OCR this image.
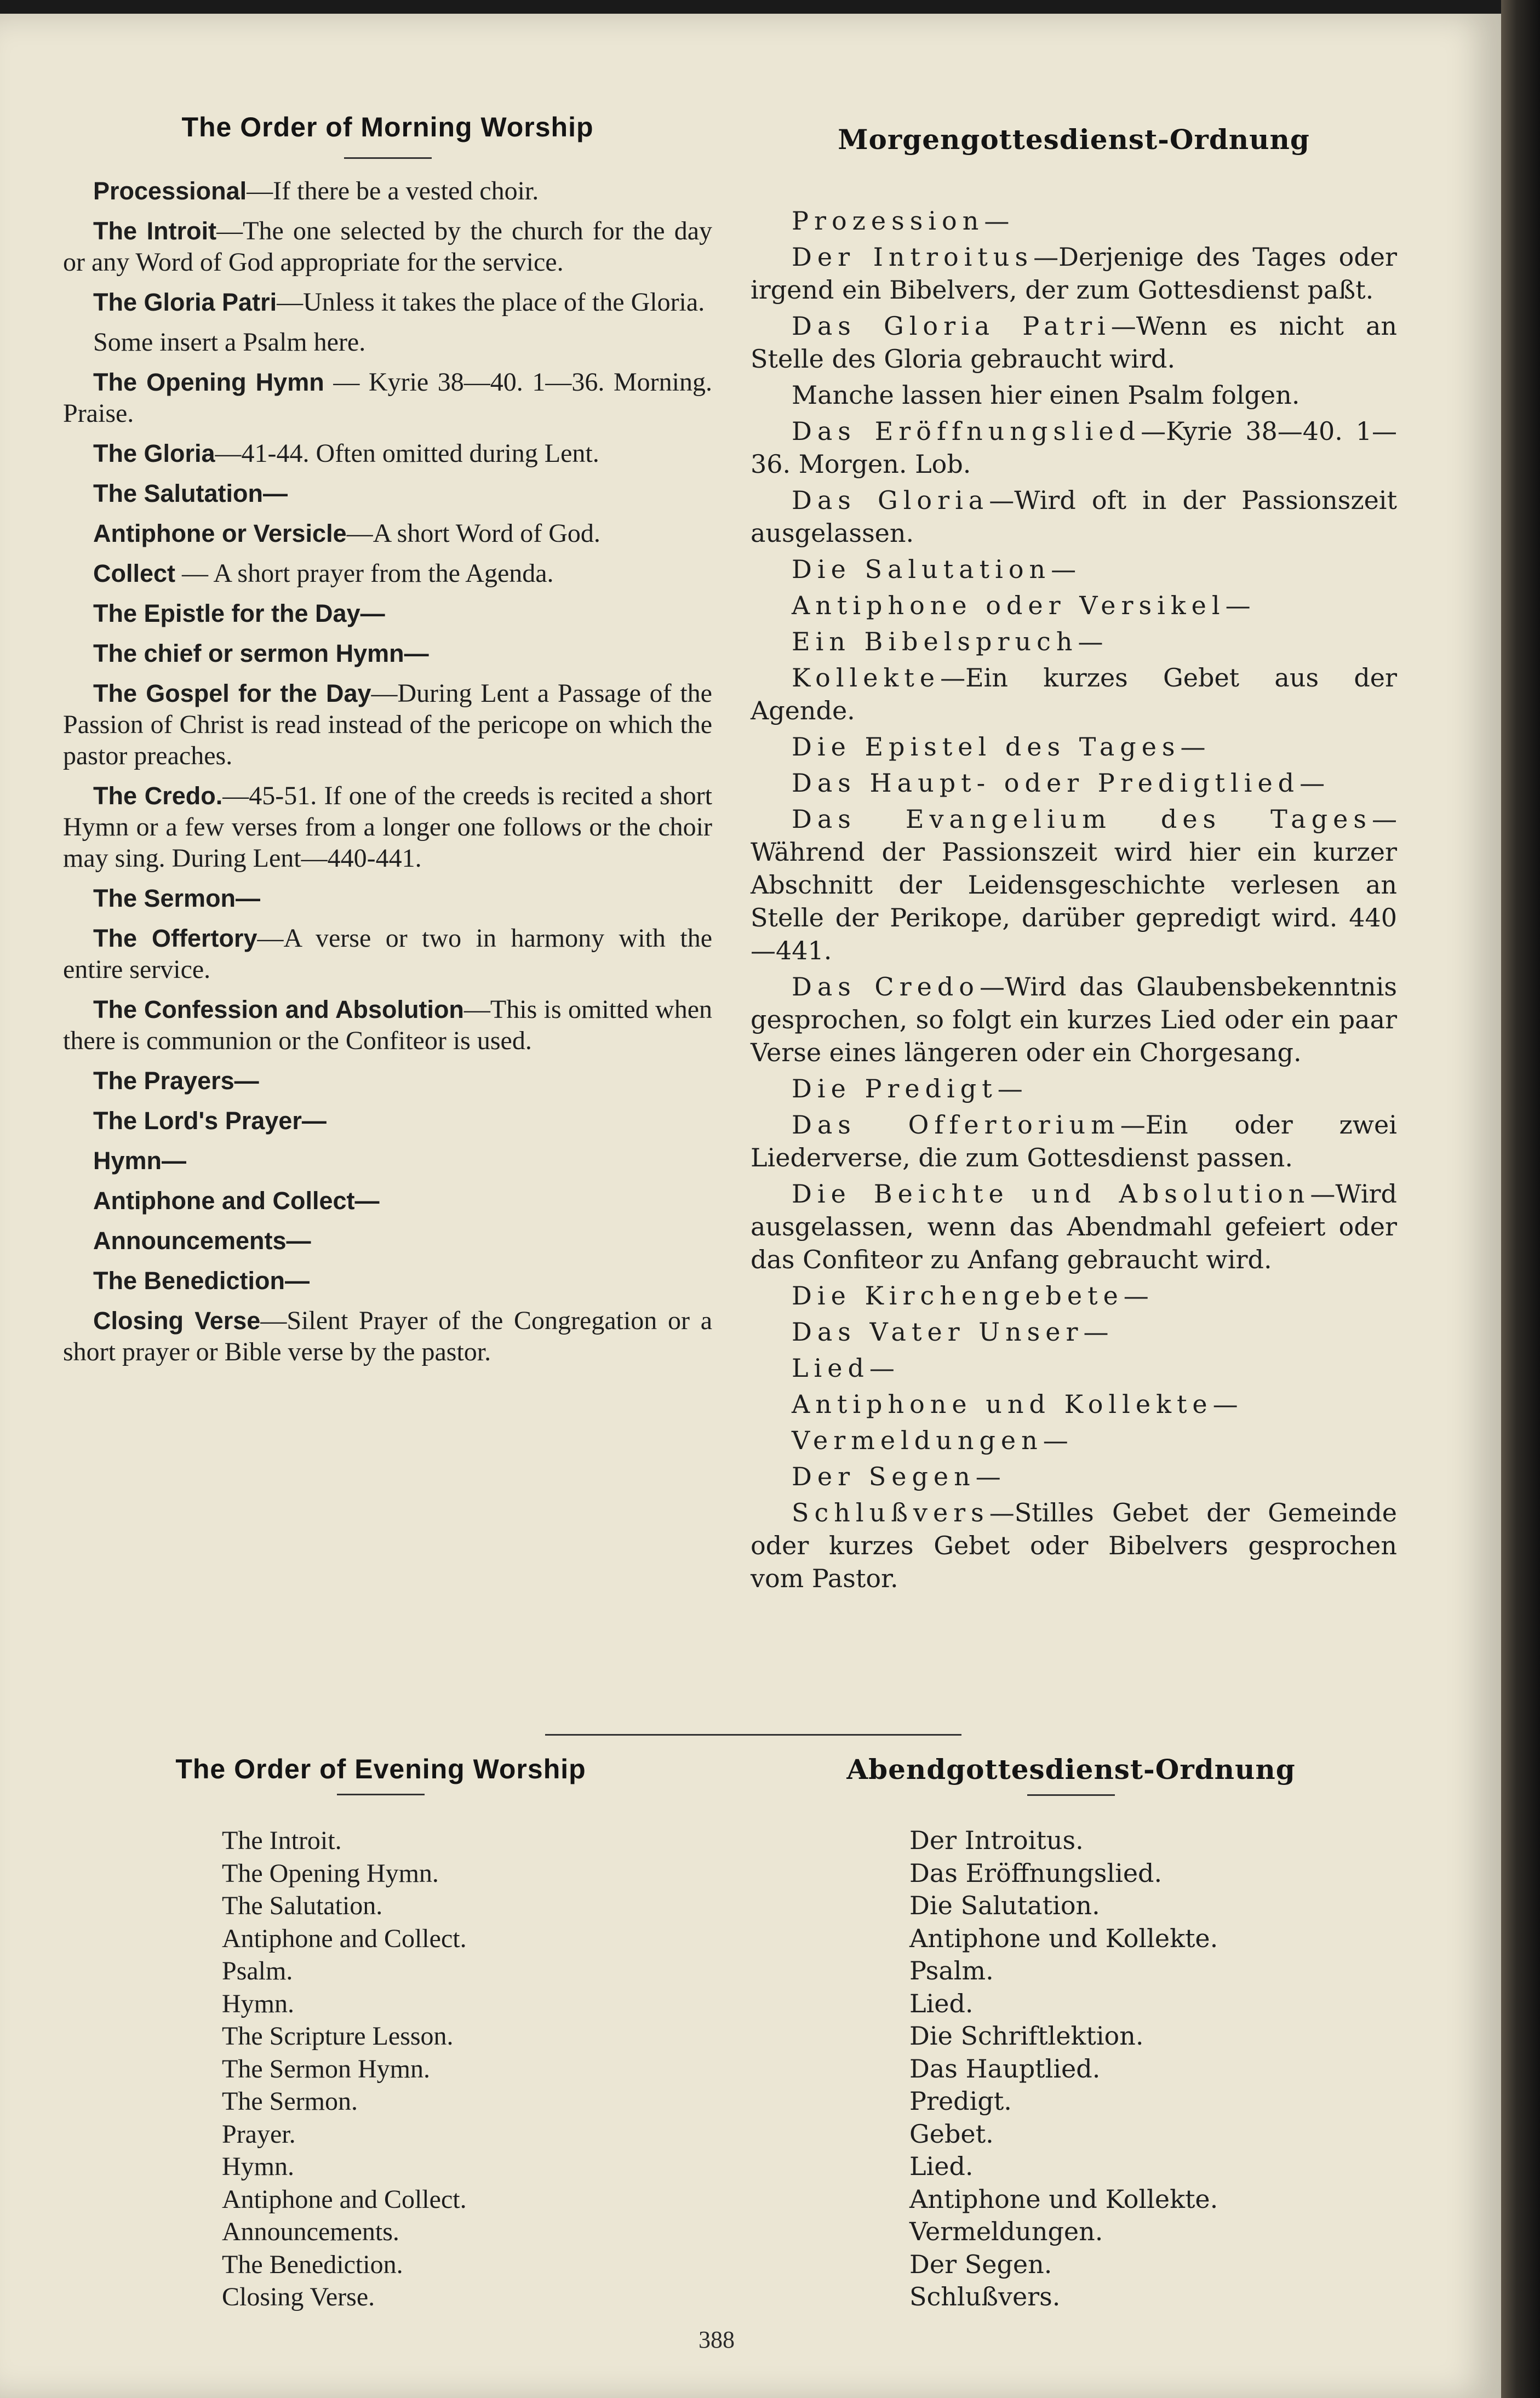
The Order of Morning Worship

Processional—If there be a vested choir.

The Introit—The one selected by the church for the day or any Word of God appropriate for the service.

The Gloria Patri—Unless it takes the place of the Gloria.

Some insert a Psalm here.

The Opening Hymn — Kyrie 38—40. 1—36. Morning. Praise.

The Gloria—41-44. Often omitted during Lent.

The Salutation—

Antiphone or Versicle—A short Word of God.

Collect — A short prayer from the Agenda.

The Epistle for the Day—

The chief or sermon Hymn—

The Gospel for the Day—During Lent a Passage of the Passion of Christ is read instead of the pericope on which the pastor preaches.

The Credo.—45-51. If one of the creeds is recited a short Hymn or a few verses from a longer one follows or the choir may sing. During Lent—440-441.

The Sermon—

The Offertory—A verse or two in harmony with the entire service.

The Confession and Absolution—This is omitted when there is communion or the Confiteor is used.

The Prayers—

The Lord's Prayer—

Hymn—

Antiphone and Collect—

Announcements—

The Benediction—

Closing Verse—Silent Prayer of the Congregation or a short prayer or Bible verse by the pastor.

Morgengottesdienst-Ordnung

Prozession—

Der Introitus—Derjenige des Tages oder irgend ein Bibelvers, der zum Gottesdienst paßt.

Das Gloria Patri—Wenn es nicht an Stelle des Gloria gebraucht wird.

Manche lassen hier einen Psalm folgen.

Das Eröffnungslied—Kyrie 38—40. 1—36. Morgen. Lob.

Das Gloria—Wird oft in der Passionszeit ausgelassen.

Die Salutation—

Antiphone oder Versikel—

Ein Bibelspruch—

Kollekte—Ein kurzes Gebet aus der Agende.

Die Epistel des Tages—

Das Haupt- oder Predigtlied—

Das Evangelium des Tages—Während der Passionszeit wird hier ein kurzer Abschnitt der Leidensgeschichte verlesen an Stelle der Perikope, darüber gepredigt wird. 440—441.

Das Credo—Wird das Glaubensbekenntnis gesprochen, so folgt ein kurzes Lied oder ein paar Verse eines längeren oder ein Chorgesang.

Die Predigt—

Das Offertorium—Ein oder zwei Liederverse, die zum Gottesdienst passen.

Die Beichte und Absolution—Wird ausgelassen, wenn das Abendmahl gefeiert oder das Confiteor zu Anfang gebraucht wird.

Die Kirchengebete—

Das Vater Unser—

Lied—

Antiphone und Kollekte—

Vermeldungen—

Der Segen—

Schlußvers—Stilles Gebet der Gemeinde oder kurzes Gebet oder Bibelvers gesprochen vom Pastor.

The Order of Evening Worship	Abendgottesdienst-Ordnung
The Introit.
The Opening Hymn.
The Salutation.
Antiphone and Collect.
Psalm.
Hymn.
The Scripture Lesson.
The Sermon Hymn.
The Sermon.
Prayer.
Hymn.
Antiphone and Collect.
Announcements.
The Benediction.
Closing Verse.
Der Introitus.
Das Eröffnungslied.
Die Salutation.
Antiphone und Kollekte.
Psalm.
Lied.
Die Schriftlektion.
Das Hauptlied.
Predigt.
Gebet.
Lied.
Antiphone und Kollekte.
Vermeldungen.
Der Segen.
Schlußvers.
388
